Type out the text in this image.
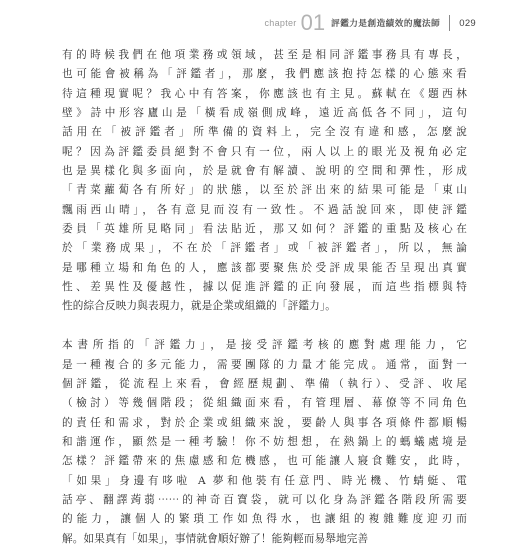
chapter 01 評鑑力是創造績效的魔法師 029
有的時候我們在他項業務或領域，甚至是相同評鑑事務具有專長，
也可能會被稱為「評鑑者」，那麼，我們應該抱持怎樣的心態來看
待這種現實呢？我心中有答案，你應該也有主見。蘇軾在《題西林
壁》詩中形容廬山是「橫看成嶺側成峰，遠近高低各不同」，這句
話用在「被評鑑者」所準備的資料上，完全沒有違和感，怎麼說
呢？因為評鑑委員絕對不會只有一位，兩人以上的眼光及視角必定
也是異樣化與多面向，於是就會有解讀、說明的空間和彈性，形成
「青菜蘿蔔各有所好」的狀態，以至於評出來的結果可能是「東山
飄雨西山晴」，各有意見而沒有一致性。不過話說回來，即使評鑑
委員「英雄所見略同」看法貼近，那又如何？評鑑的重點及核心在
於「業務成果」，不在於「評鑑者」或「被評鑑者」，所以，無論
是哪種立場和角色的人，應該都要聚焦於受評成果能否呈現出真實
性、差異性及優越性，據以促進評鑑的正向發展，而這些指標與特
性的綜合反映力與表現力，就是企業或組織的「評鑑力」。
本書所指的「評鑑力」，是接受評鑑考核的應對處理能力，它
是一種複合的多元能力，需要團隊的力量才能完成。通常，面對一
個評鑑，從流程上來看，會經歷規劃、準備（執行）、受評、收尾
（檢討）等幾個階段；從組織面來看，有管理層、幕僚等不同角色
的責任和需求，對於企業或組織來說，要齡人與事各項條件都順暢
和諧運作，顯然是一種考驗！你不妨想想，在熱鍋上的螞蟻處境是
怎樣？評鑑帶來的焦慮感和危機感，也可能讓人寢食難安，此時，
「如果」身邊有哆啦 A 夢和他裝有任意門、時光機、竹蜻蜓、電
話亭、翻譯蒟蒻⋯⋯的神奇百寶袋，就可以化身為評鑑各階段所需要
的能力，讓個人的繁瑣工作如魚得水，也讓組的複雜難度迎刃而
解。如果真有「如果」，事情就會順好辦了！能夠輕而易舉地完善
